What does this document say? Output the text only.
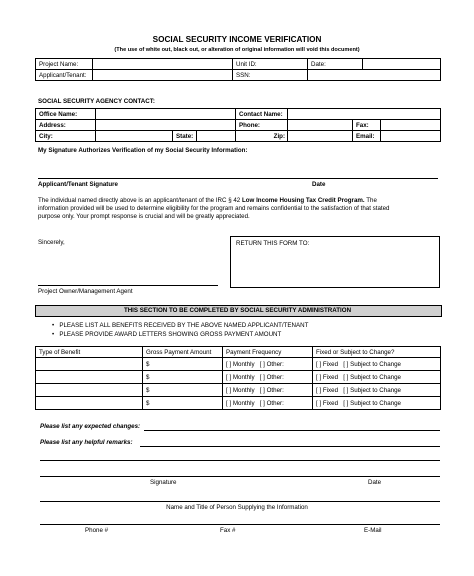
SOCIAL SECURITY INCOME VERIFICATION
(The use of white out, black out, or alteration of original information will void this document)
Project Name:		Unit ID:	Date:	
Applicant/Tenant:		SSN:		
SOCIAL SECURITY AGENCY CONTACT:
Office Name:				Contact Name:			
Address:				Phone:		Fax:	
City:		State:		Zip:		Email:	
My Signature Authorizes Verification of my Social Security Information:
Applicant/Tenant Signature	Date
The individual named directly above is an applicant/tenant of the IRC § 42 Low Income Housing Tax Credit Program. The
information provided will be used to determine eligibility for the program and remains confidential to the satisfaction of that stated
purpose only. Your prompt response is crucial and will be greatly appreciated.
Sincerely,	RETURN THIS FORM TO:
Project Owner/Management Agent
THIS SECTION TO BE COMPLETED BY SOCIAL SECURITY ADMINISTRATION
•   PLEASE LIST ALL BENEFITS RECEIVED BY THE ABOVE NAMED APPLICANT/TENANT
•   PLEASE PROVIDE AWARD LETTERS SHOWING GROSS PAYMENT AMOUNT
Type of Benefit	Gross Payment Amount	Payment Frequency	Fixed or Subject to Change?
	$	[ ] Monthly [ ] Other:	[ ] Fixed [ ] Subject to Change
	$	[ ] Monthly [ ] Other:	[ ] Fixed [ ] Subject to Change
	$	[ ] Monthly [ ] Other:	[ ] Fixed [ ] Subject to Change
	$	[ ] Monthly [ ] Other:	[ ] Fixed [ ] Subject to Change
Please list any expected changes:
Please list any helpful remarks:
Signature	Date
Name and Title of Person Supplying the Information
Phone #	Fax #	E-Mail
